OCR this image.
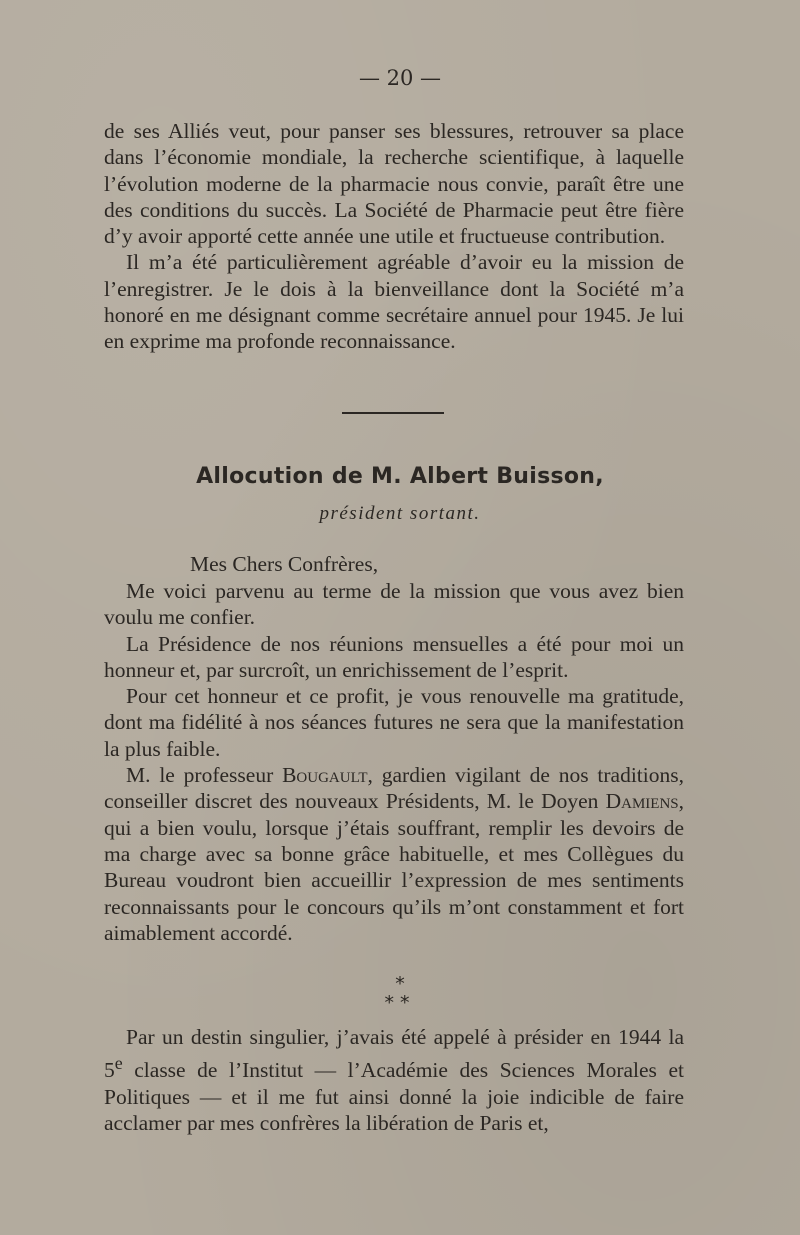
— 20 —

de ses Alliés veut, pour panser ses blessures, retrouver sa place dans l’économie mondiale, la recherche scientifique, à laquelle l’évolution moderne de la pharmacie nous convie, paraît être une des conditions du succès. La Société de Pharmacie peut être fière d’y avoir apporté cette année une utile et fructueuse contribution.

Il m’a été particulièrement agréable d’avoir eu la mission de l’enregistrer. Je le dois à la bienveillance dont la Société m’a honoré en me désignant comme secrétaire annuel pour 1945. Je lui en exprime ma profonde reconnaissance.

Allocution de M. Albert Buisson,
président sortant.
Mes Chers Confrères,

Me voici parvenu au terme de la mission que vous avez bien voulu me confier.

La Présidence de nos réunions mensuelles a été pour moi un honneur et, par surcroît, un enrichissement de l’esprit.

Pour cet honneur et ce profit, je vous renouvelle ma gratitude, dont ma fidélité à nos séances futures ne sera que la manifestation la plus faible.

M. le professeur Bougault, gardien vigilant de nos traditions, conseiller discret des nouveaux Présidents, M. le Doyen Damiens, qui a bien voulu, lorsque j’étais souffrant, remplir les devoirs de ma charge avec sa bonne grâce habituelle, et mes Collègues du Bureau voudront bien accueillir l’expression de mes sentiments reconnaissants pour le concours qu’ils m’ont constamment et fort aimablement accordé.

*
**

Par un destin singulier, j’avais été appelé à présider en 1944 la 5e classe de l’Institut — l’Académie des Sciences Morales et Politiques — et il me fut ainsi donné la joie indicible de faire acclamer par mes confrères la libération de Paris et,
